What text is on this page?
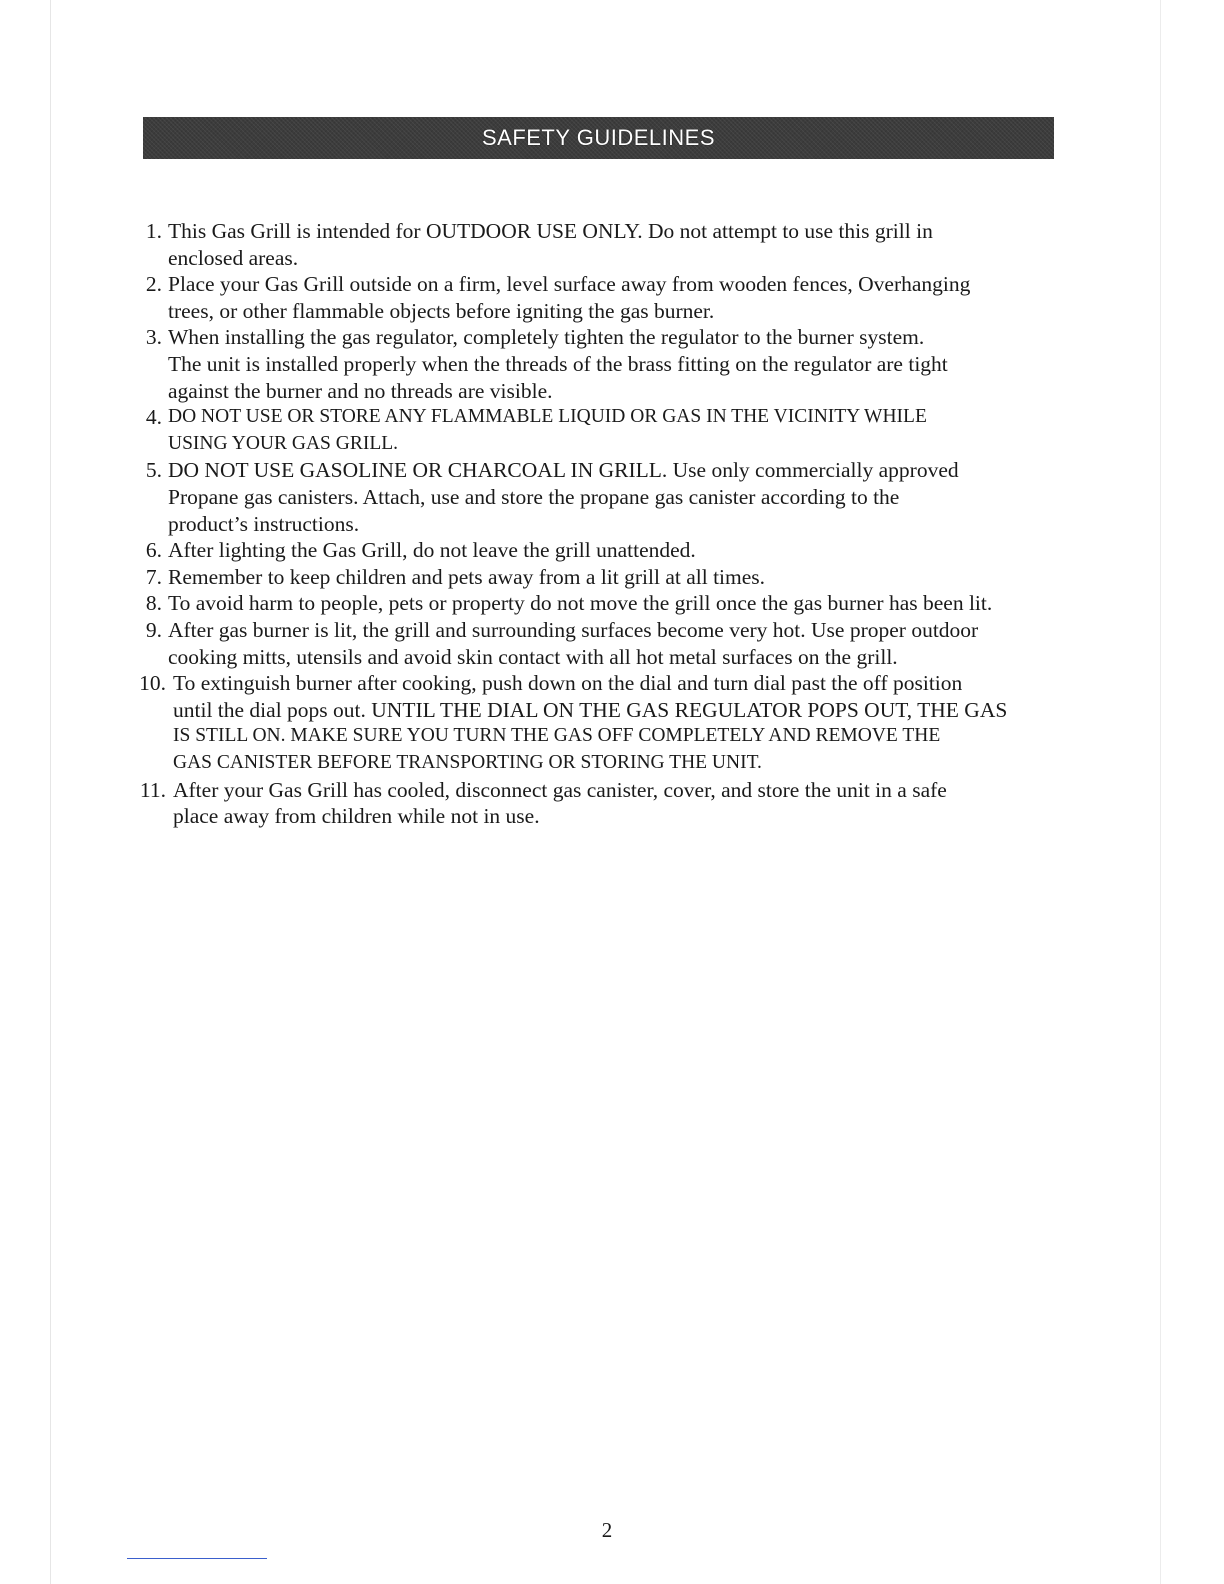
SAFETY GUIDELINES
1. This Gas Grill is intended for OUTDOOR USE ONLY. Do not attempt to use this grill in
enclosed areas.
2. Place your Gas Grill outside on a firm, level surface away from wooden fences, Overhanging
trees, or other flammable objects before igniting the gas burner.
3. When installing the gas regulator, completely tighten the regulator to the burner system.
The unit is installed properly when the threads of the brass fitting on the regulator are tight
against the burner and no threads are visible.
4. DO NOT USE OR STORE ANY FLAMMABLE LIQUID OR GAS IN THE VICINITY WHILE
USING YOUR GAS GRILL.
5. DO NOT USE GASOLINE OR CHARCOAL IN GRILL. Use only commercially approved
Propane gas canisters. Attach, use and store the propane gas canister according to the
product’s instructions.
6. After lighting the Gas Grill, do not leave the grill unattended.
7. Remember to keep children and pets away from a lit grill at all times.
8. To avoid harm to people, pets or property do not move the grill once the gas burner has been lit.
9. After gas burner is lit, the grill and surrounding surfaces become very hot. Use proper outdoor
cooking mitts, utensils and avoid skin contact with all hot metal surfaces on the grill.
10. To extinguish burner after cooking, push down on the dial and turn dial past the off position
until the dial pops out. UNTIL THE DIAL ON THE GAS REGULATOR POPS OUT, THE GAS
IS STILL ON. MAKE SURE YOU TURN THE GAS OFF COMPLETELY AND REMOVE THE
GAS CANISTER BEFORE TRANSPORTING OR STORING THE UNIT.
11. After your Gas Grill has cooled, disconnect gas canister, cover, and store the unit in a safe
place away from children while not in use.
2
